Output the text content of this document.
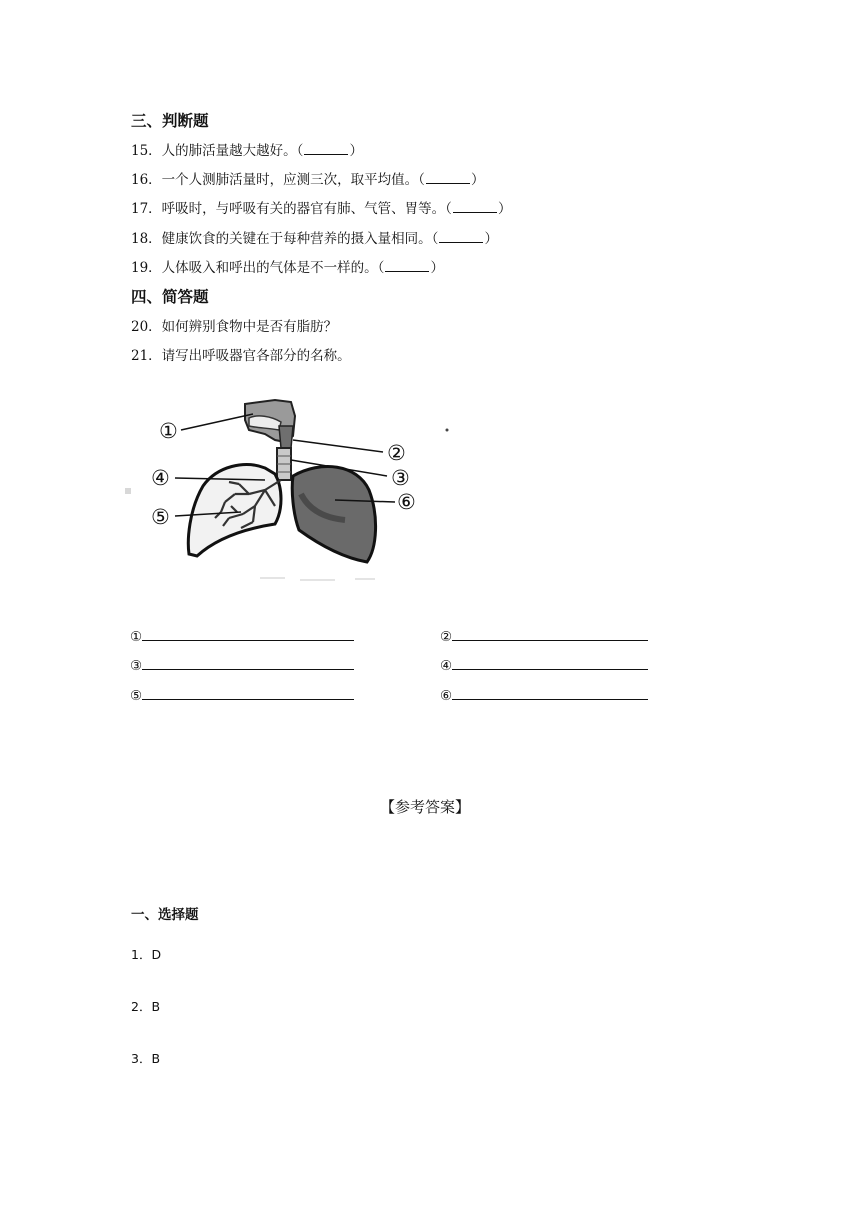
三、判断题
15．人的肺活量越大越好。（	）
16．一个人测肺活量时，应测三次，取平均值。（	）
17．呼吸时，与呼吸有关的器官有肺、气管、胃等。（	）
18．健康饮食的关键在于每种营养的摄入量相同。（	）
19．人体吸入和呼出的气体是不一样的。（	）
四、简答题
20．如何辨别食物中是否有脂肪？
21．请写出呼吸器官各部分的名称。
①
②
③
④
⑤
⑥
①	②
③	④
⑤	⑥
【参考答案】
一、选择题
1．D
2．B
3．B
